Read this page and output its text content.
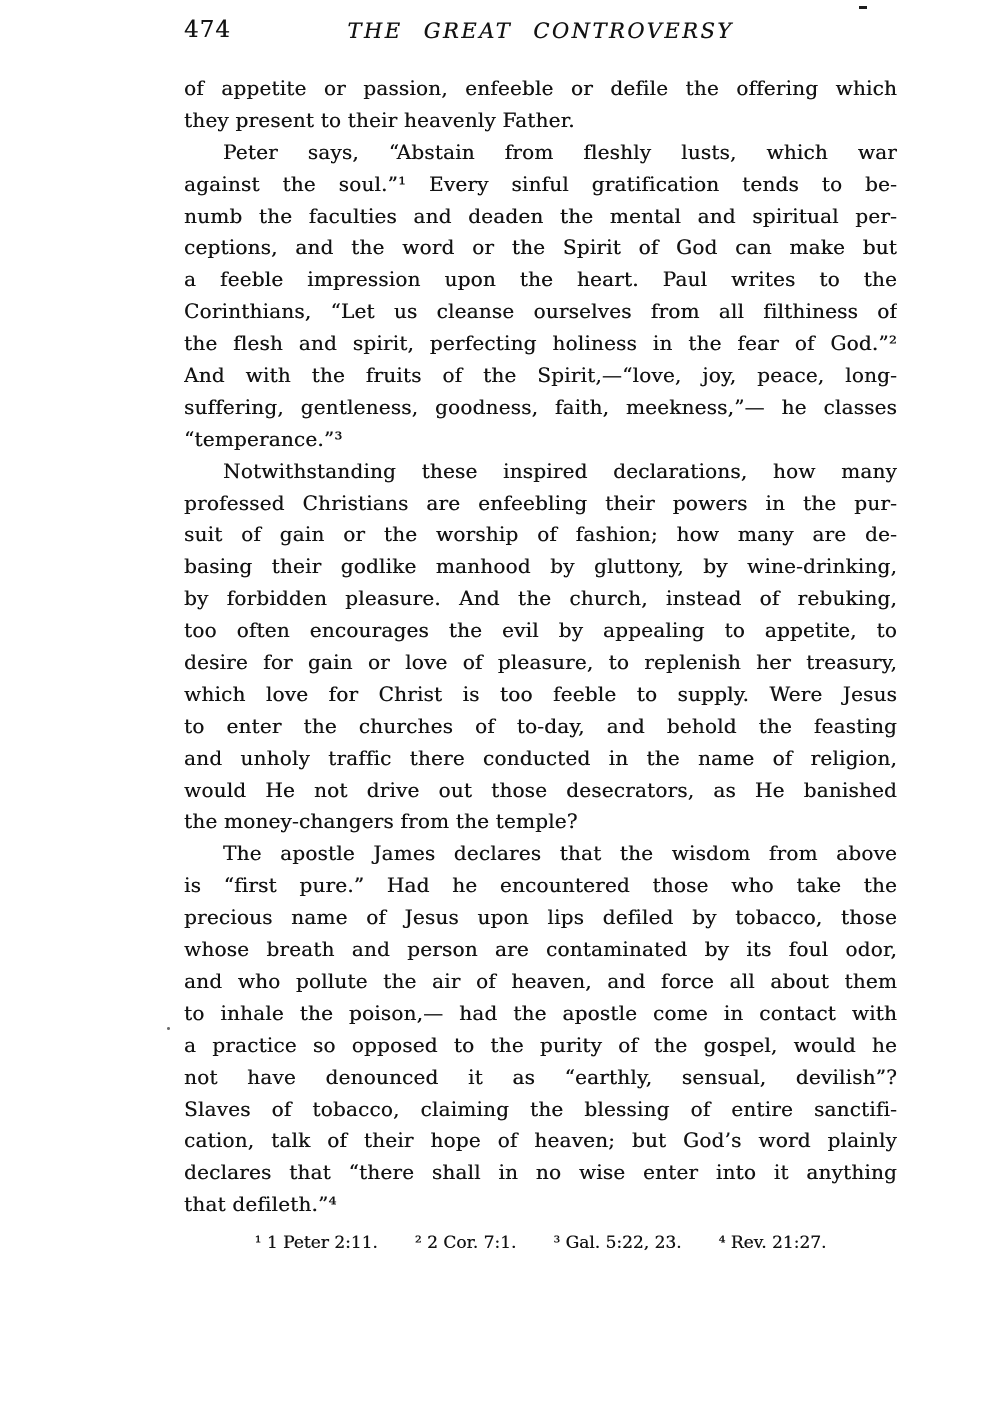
474	THE GREAT CONTROVERSY
of appetite or passion, enfeeble or defile the offering which
they present to their heavenly Father.
Peter says, “Abstain from fleshly lusts, which war
against the soul.”¹ Every sinful gratification tends to be-
numb the faculties and deaden the mental and spiritual per-
ceptions, and the word or the Spirit of God can make but
a feeble impression upon the heart. Paul writes to the
Corinthians, “Let us cleanse ourselves from all filthiness of
the flesh and spirit, perfecting holiness in the fear of God.”²
And with the fruits of the Spirit,—“love, joy, peace, long-
suffering, gentleness, goodness, faith, meekness,”— he classes
“temperance.”³
Notwithstanding these inspired declarations, how many
professed Christians are enfeebling their powers in the pur-
suit of gain or the worship of fashion; how many are de-
basing their godlike manhood by gluttony, by wine-drinking,
by forbidden pleasure. And the church, instead of rebuking,
too often encourages the evil by appealing to appetite, to
desire for gain or love of pleasure, to replenish her treasury,
which love for Christ is too feeble to supply. Were Jesus
to enter the churches of to-day, and behold the feasting
and unholy traffic there conducted in the name of religion,
would He not drive out those desecrators, as He banished
the money-changers from the temple?
The apostle James declares that the wisdom from above
is “first pure.” Had he encountered those who take the
precious name of Jesus upon lips defiled by tobacco, those
whose breath and person are contaminated by its foul odor,
and who pollute the air of heaven, and force all about them
to inhale the poison,— had the apostle come in contact with
a practice so opposed to the purity of the gospel, would he
not have denounced it as “earthly, sensual, devilish”?
Slaves of tobacco, claiming the blessing of entire sanctifi-
cation, talk of their hope of heaven; but God’s word plainly
declares that “there shall in no wise enter into it anything
that defileth.”⁴
¹ 1 Peter 2:11. ² 2 Cor. 7:1. ³ Gal. 5:22, 23. ⁴ Rev. 21:27.
